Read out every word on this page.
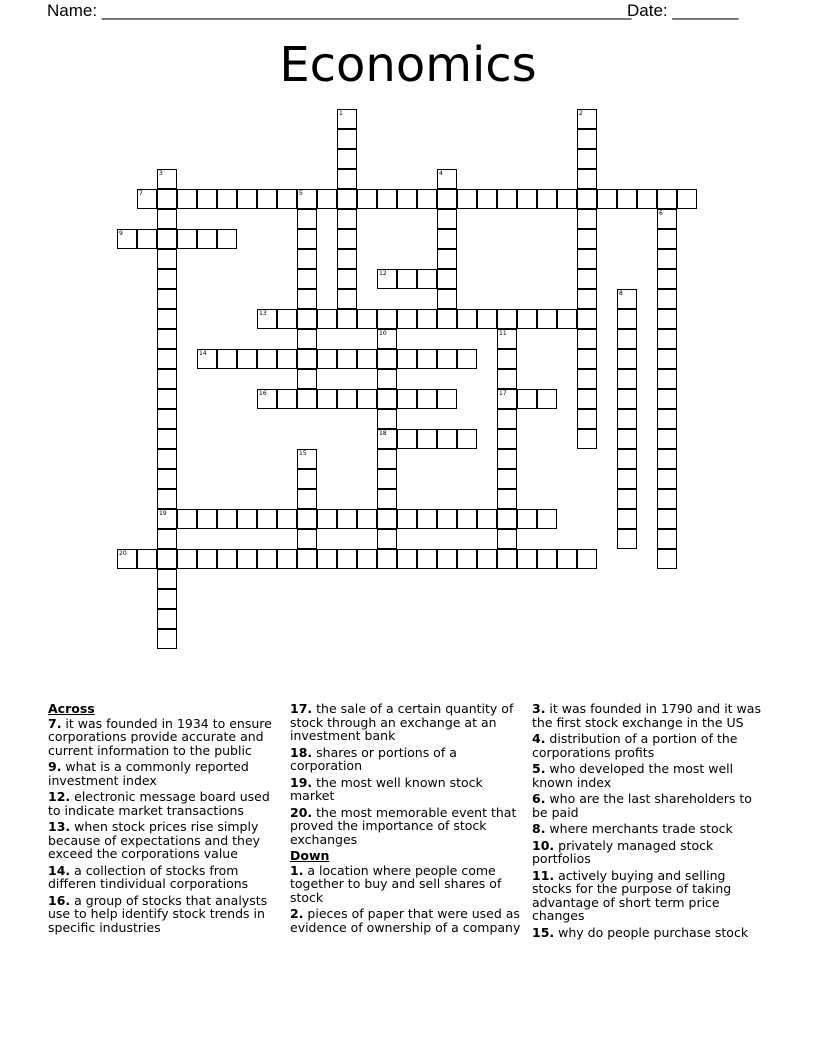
Name: ________________________________________________________
Date: _______
Economics
7	5
9
12
13
14
16	17
18
19
20
1	2
3	4
6
8
10	11
15
Across
7. it was founded in 1934 to ensure corporations provide accurate and current information to the public
9. what is a commonly reported investment index
12. electronic message board used to indicate market transactions
13. when stock prices rise simply because of expectations and they exceed the corporations value
14. a collection of stocks from differen tindividual corporations
16. a group of stocks that analysts use to help identify stock trends in specific industries
17. the sale of a certain quantity of stock through an exchange at an investment bank
18. shares or portions of a corporation
19. the most well known stock market
20. the most memorable event that proved the importance of stock exchanges
Down
1. a location where people come together to buy and sell shares of stock
2. pieces of paper that were used as evidence of ownership of a company
3. it was founded in 1790 and it was the first stock exchange in the US
4. distribution of a portion of the corporations profits
5. who developed the most well known index
6. who are the last shareholders to be paid
8. where merchants trade stock
10. privately managed stock portfolios
11. actively buying and selling stocks for the purpose of taking advantage of short term price changes
15. why do people purchase stock
